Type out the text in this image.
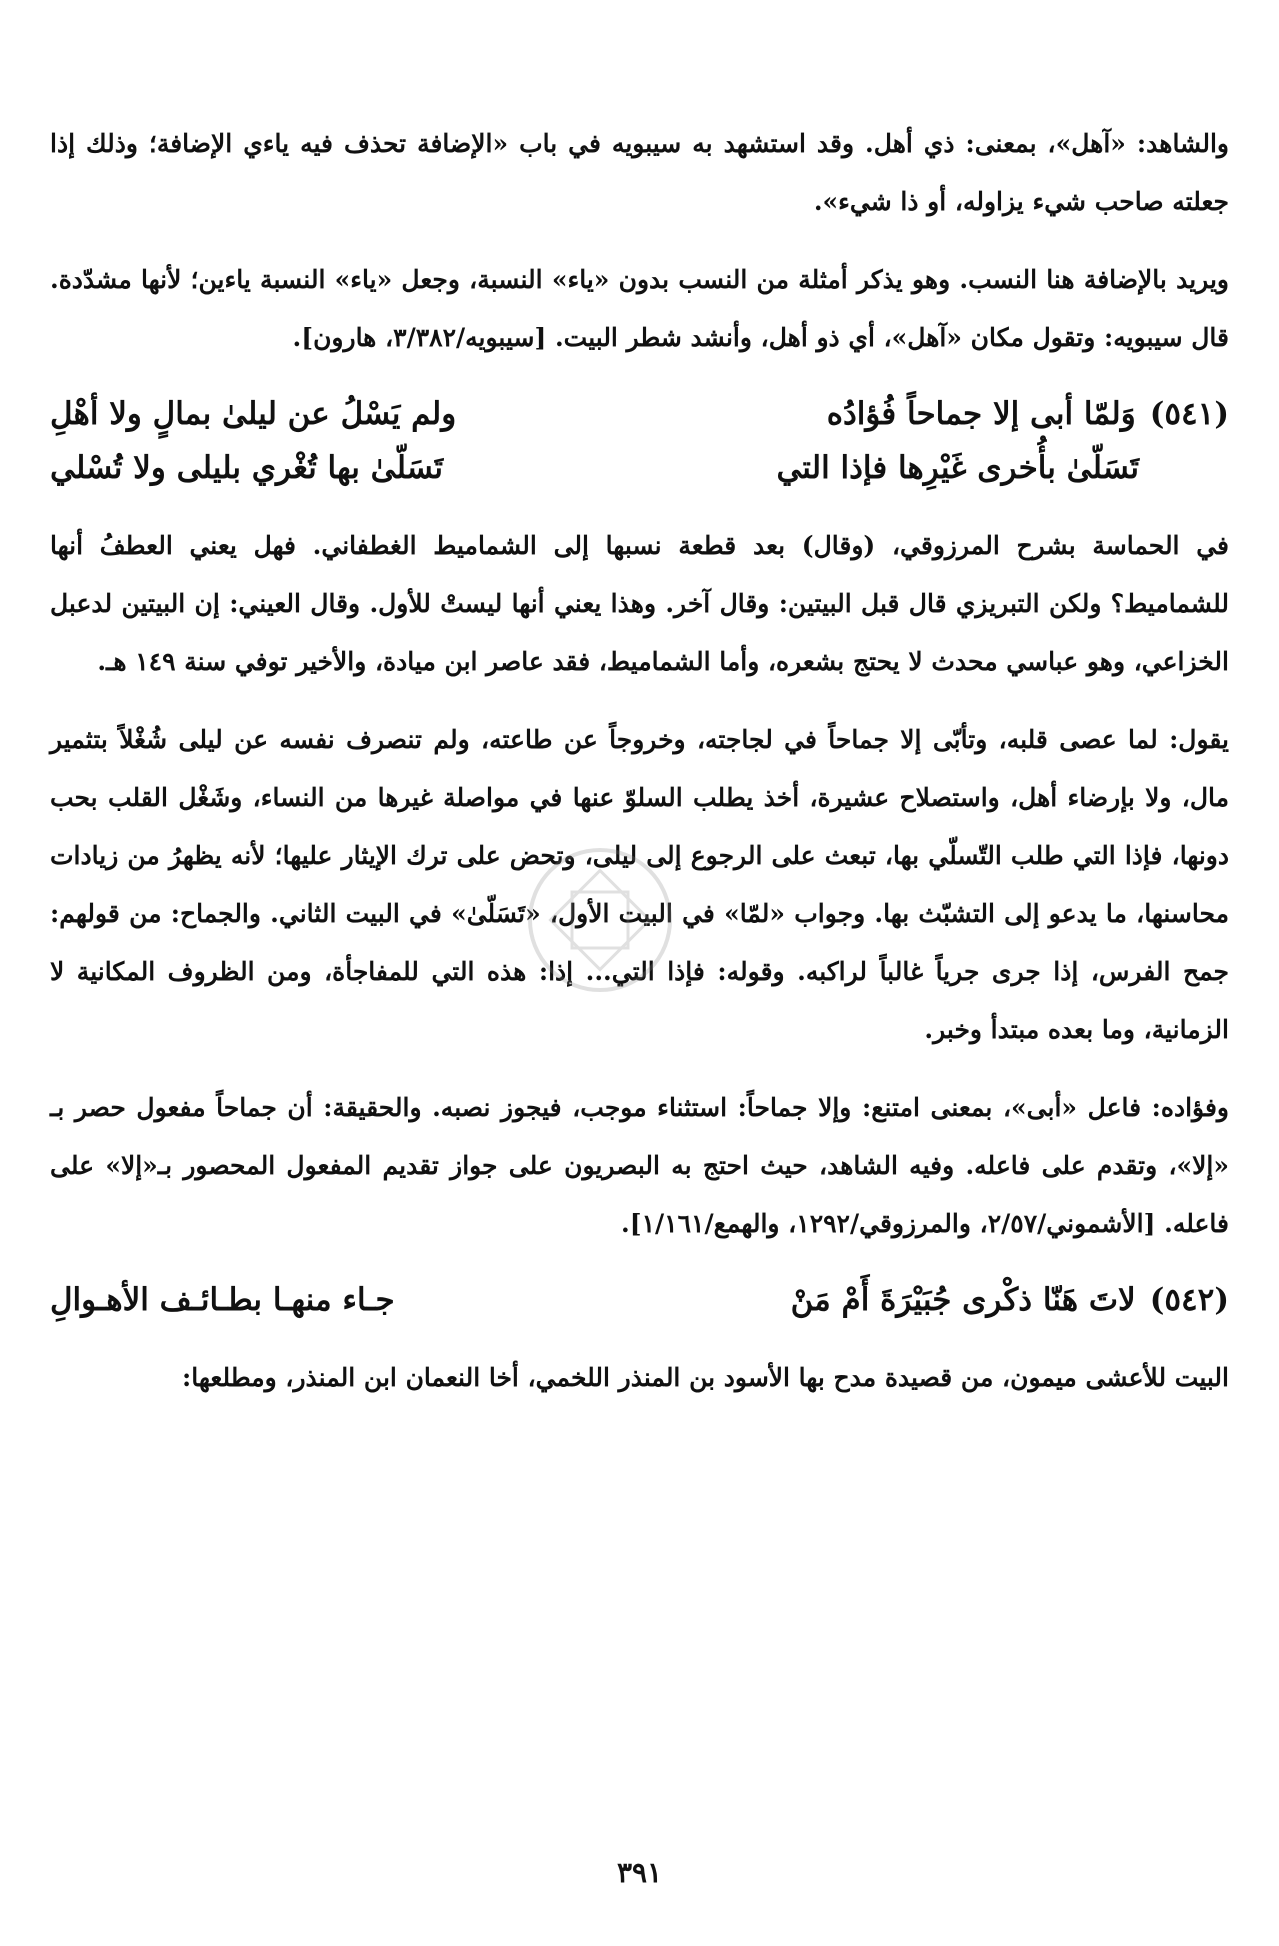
والشاهد: «آهل»، بمعنى: ذي أهل. وقد استشهد به سيبويه في باب «الإضافة تحذف فيه ياءي الإضافة؛ وذلك إذا جعلته صاحب شيء يزاوله، أو ذا شيء».

ويريد بالإضافة هنا النسب. وهو يذكر أمثلة من النسب بدون «ياء» النسبة، وجعل «ياء» النسبة ياءين؛ لأنها مشدّدة. قال سيبويه: وتقول مكان «آهل»، أي ذو أهل، وأنشد شطر البيت. [سيبويه/٣/٣٨٢، هارون].

(٥٤١)وَلمّا أبى إلا جماحاً فُؤادُه
ولم يَسْلُ عن ليلىٰ بمالٍ ولا أهْلِ
تَسَلّىٰ بأُخرى غَيْرِها فإذا التي
تَسَلّىٰ بها تُغْري بليلى ولا تُسْلي

في الحماسة بشرح المرزوقي، (وقال) بعد قطعة نسبها إلى الشماميط الغطفاني. فهل يعني العطفُ أنها للشماميط؟ ولكن التبريزي قال قبل البيتين: وقال آخر. وهذا يعني أنها ليستْ للأول. وقال العيني: إن البيتين لدعبل الخزاعي، وهو عباسي محدث لا يحتج بشعره، وأما الشماميط، فقد عاصر ابن ميادة، والأخير توفي سنة ١٤٩ هـ.

يقول: لما عصى قلبه، وتأبّى إلا جماحاً في لجاجته، وخروجاً عن طاعته، ولم تنصرف نفسه عن ليلى شُغْلاً بتثمير مال، ولا بإرضاء أهل، واستصلاح عشيرة، أخذ يطلب السلوّ عنها في مواصلة غيرها من النساء، وشَغْل القلب بحب دونها، فإذا التي طلب التّسلّي بها، تبعث على الرجوع إلى ليلى، وتحض على ترك الإيثار عليها؛ لأنه يظهرُ من زيادات محاسنها، ما يدعو إلى التشبّث بها. وجواب «لمّا» في البيت الأول، «تَسَلّىٰ» في البيت الثاني. والجماح: من قولهم: جمح الفرس، إذا جرى جرياً غالباً لراكبه. وقوله: فإذا التي... إذا: هذه التي للمفاجأة، ومن الظروف المكانية لا الزمانية، وما بعده مبتدأ وخبر.

وفؤاده: فاعل «أبى»، بمعنى امتنع: وإلا جماحاً: استثناء موجب، فيجوز نصبه. والحقيقة: أن جماحاً مفعول حصر بـ «إلا»، وتقدم على فاعله. وفيه الشاهد، حيث احتج به البصريون على جواز تقديم المفعول المحصور بـ«إلا» على فاعله. [الأشموني/٢/٥٧، والمرزوقي/١٢٩٢، والهمع/١/١٦١].

(٥٤٢)لاتَ هَنّا ذكْرى جُبَيْرَةَ أَمْ مَنْ
جـاء منهـا بطـائـف الأهـوالِ

البيت للأعشى ميمون، من قصيدة مدح بها الأسود بن المنذر اللخمي، أخا النعمان ابن المنذر، ومطلعها:

٣٩١
